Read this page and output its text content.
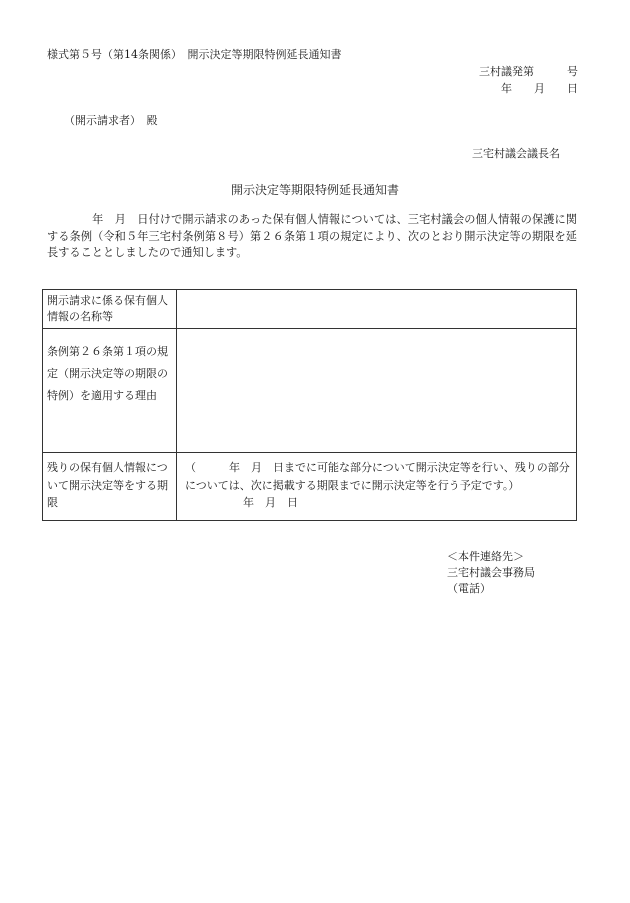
様式第５号（第14条関係）　開示決定等期限特例延長通知書
三村議発第　　　号
年　　月　　日
（開示請求者）　殿
三宅村議会議長名
開示決定等期限特例延長通知書
　　　　年　月　日付けで開示請求のあった保有個人情報については、三宅村議会の個人情報の保護に関する条例（令和５年三宅村条例第８号）第２６条第１項の規定により、次のとおり開示決定等の期限を延長することとしましたので通知します。
開示請求に係る保有個人情報の名称等	
条例第２６条第１項の規定（開示決定等の期限の特例）を適用する理由	
残りの保有個人情報について開示決定等をする期限	（　　　年　月　日までに可能な部分について開示決定等を行い、残りの部分については、次に掲載する期限までに開示決定等を行う予定です。）
年　月　日
＜本件連絡先＞
三宅村議会事務局
（電話）
